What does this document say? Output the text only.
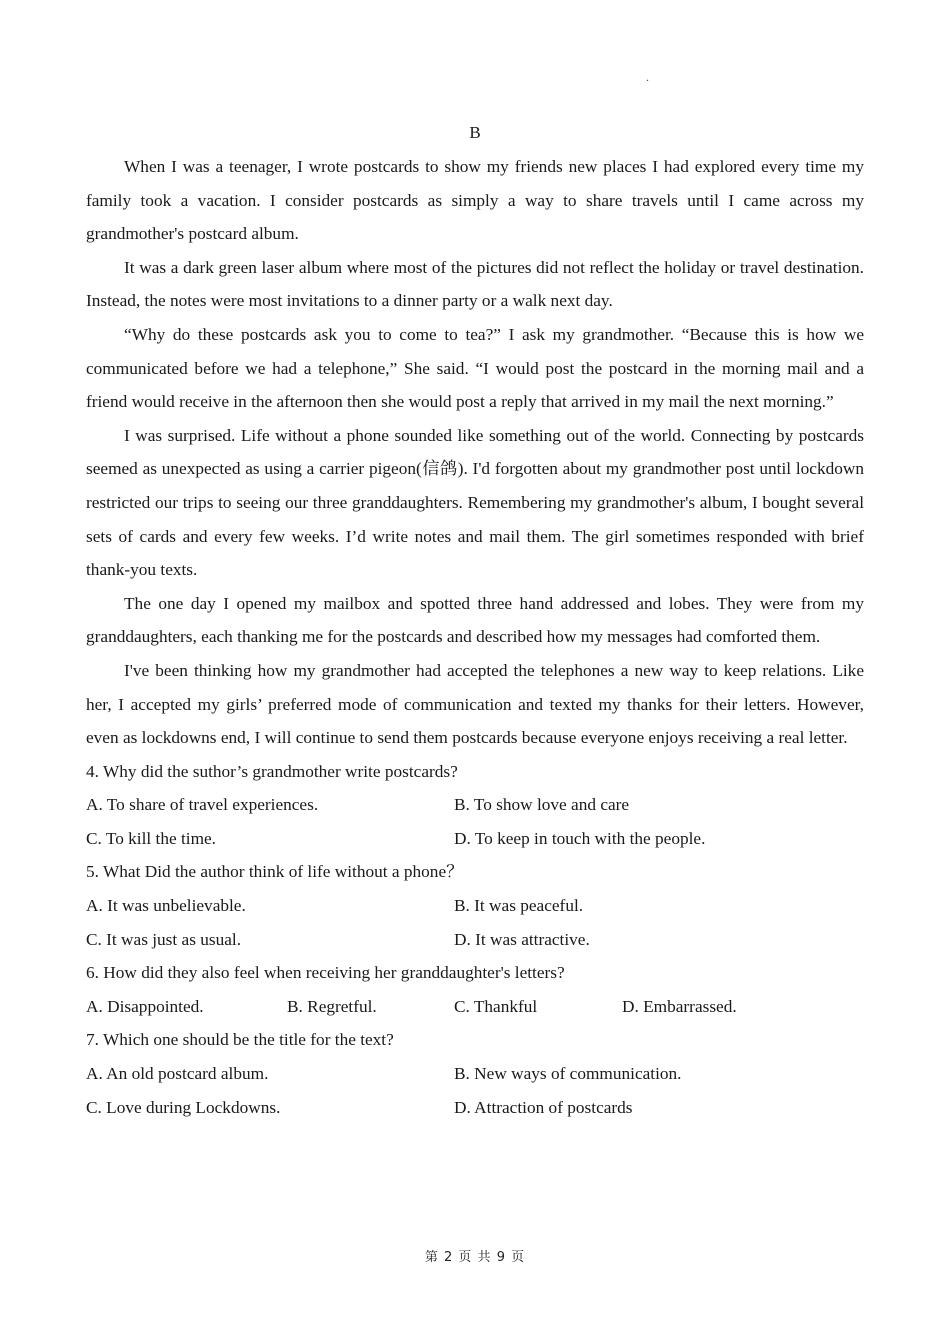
.
B

When I was a teenager, I wrote postcards to show my friends new places I had explored every time my family took a vacation. I consider postcards as simply a way to share travels until I came across my grandmother's postcard album.

It was a dark green laser album where most of the pictures did not reflect the holiday or travel destination. Instead, the notes were most invitations to a dinner party or a walk next day.

“Why do these postcards ask you to come to tea?” I ask my grandmother. “Because this is how we communicated before we had a telephone,” She said. “I would post the postcard in the morning mail and a friend would receive in the afternoon then she would post a reply that arrived in my mail the next morning.”

I was surprised. Life without a phone sounded like something out of the world. Connecting by postcards seemed as unexpected as using a carrier pigeon(信鸽). I'd forgotten about my grandmother post until lockdown restricted our trips to seeing our three granddaughters. Remembering my grandmother's album, I bought several sets of cards and every few weeks. I’d write notes and mail them. The girl sometimes responded with brief thank-you texts.

The one day I opened my mailbox and spotted three hand addressed and lobes. They were from my granddaughters, each thanking me for the postcards and described how my messages had comforted them.

I've been thinking how my grandmother had accepted the telephones a new way to keep relations. Like her, I accepted my girls’ preferred mode of communication and texted my thanks for their letters. However, even as lockdowns end, I will continue to send them postcards because everyone enjoys receiving a real letter.

4. Why did the suthor’s grandmother write postcards?
A. To share of travel experiences.	B. To show love and care
C. To kill the time.	D. To keep in touch with the people.
5. What Did the author think of life without a phone？
A. It was unbelievable.	B. It was peaceful.
C. It was just as usual.	D. It was attractive.
6. How did they also feel when receiving her granddaughter's letters?
A. Disappointed.	B. Regretful.	C. Thankful	D. Embarrassed.
7. Which one should be the title for the text?
A. An old postcard album.	B. New ways of communication.
C. Love during Lockdowns.	D. Attraction of postcards
第 2 页 共 9 页
